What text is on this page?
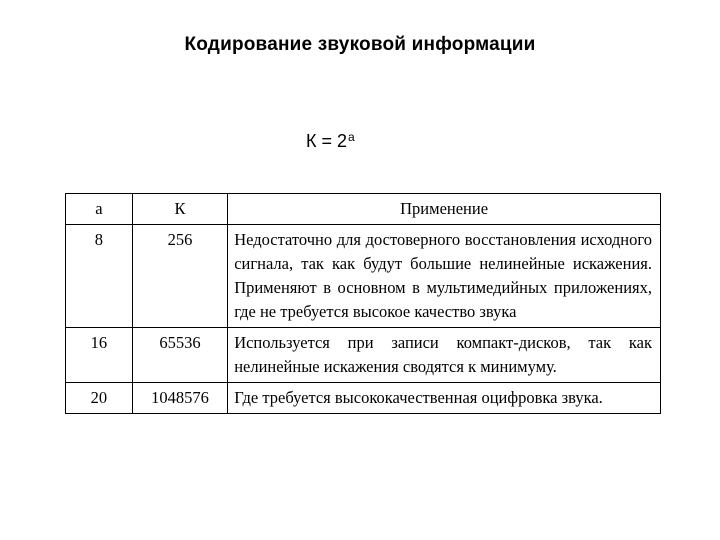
Кодирование звуковой информации
$К = 2^a$
a	К	Применение
8	256	Недостаточно для достоверного восстановления исходного сигнала, так как будут большие нелинейные искажения. Применяют в основном в мультимедийных приложениях, где не требуется высокое качество звука
16	65536	Используется при записи компакт-дисков, так как нелинейные искажения сводятся к минимуму.
20	1048576	Где требуется высококачественная оцифровка звука.
